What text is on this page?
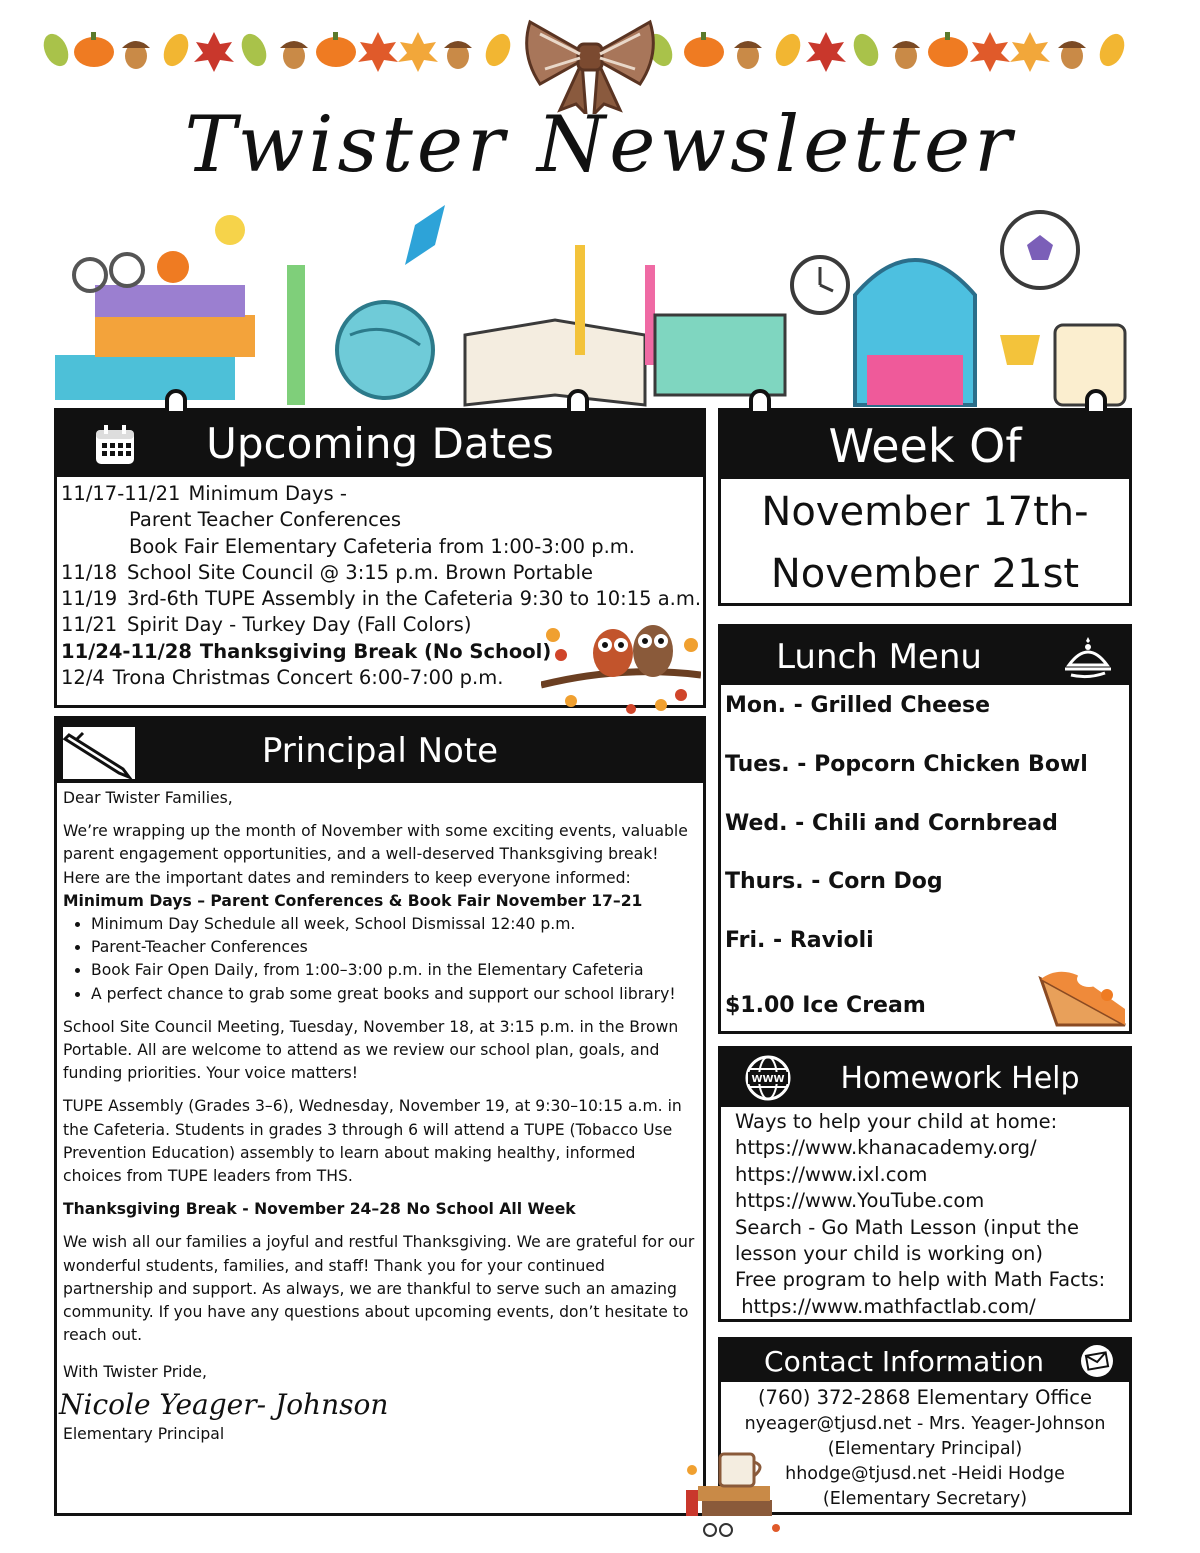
Twister Newsletter
Upcoming Dates
11/17-11/21 Minimum Days -
Parent Teacher Conferences
Book Fair Elementary Cafeteria from 1:00-3:00 p.m.
11/18 School Site Council @ 3:15 p.m. Brown Portable
11/19 3rd-6th TUPE Assembly in the Cafeteria 9:30 to 10:15 a.m.
11/21 Spirit Day - Turkey Day (Fall Colors)
11/24-11/28 Thanksgiving Break (No School)
12/4 Trona Christmas Concert 6:00-7:00 p.m.
Principal Note

Dear Twister Families,

We’re wrapping up the month of November with some exciting events, valuable parent engagement opportunities, and a well-deserved Thanksgiving break! Here are the important dates and reminders to keep everyone informed:

Minimum Days – Parent Conferences & Book Fair November 17–21

• Minimum Day Schedule all week, School Dismissal 12:40 p.m.
• Parent-Teacher Conferences
• Book Fair Open Daily, from 1:00–3:00 p.m. in the Elementary Cafeteria
• A perfect chance to grab some great books and support our school library!

School Site Council Meeting, Tuesday, November 18, at 3:15 p.m. in the Brown Portable. All are welcome to attend as we review our school plan, goals, and funding priorities. Your voice matters!

TUPE Assembly (Grades 3–6), Wednesday, November 19, at 9:30–10:15 a.m. in the Cafeteria. Students in grades 3 through 6 will attend a TUPE (Tobacco Use Prevention Education) assembly to learn about making healthy, informed choices from TUPE leaders from THS.

Thanksgiving Break - November 24–28 No School All Week

We wish all our families a joyful and restful Thanksgiving. We are grateful for our wonderful students, families, and staff! Thank you for your continued partnership and support. As always, we are thankful to serve such an amazing community. If you have any questions about upcoming events, don’t hesitate to reach out.

With Twister Pride,

Nicole Yeager- Johnson

Elementary Principal

Week Of
November 17th-
November 21st
Lunch Menu
Mon. - Grilled Cheese
Tues. - Popcorn Chicken Bowl
Wed. - Chili and Cornbread
Thurs. - Corn Dog
Fri. - Ravioli
$1.00 Ice Cream
WWW Homework Help
Ways to help your child at home:
https://www.khanacademy.org/
https://www.ixl.com
https://www.YouTube.com
Search - Go Math Lesson (input the
lesson your child is working on)
Free program to help with Math Facts:
https://www.mathfactlab.com/
Contact Information
(760) 372-2868 Elementary Office
nyeager@tjusd.net - Mrs. Yeager-Johnson
(Elementary Principal)
hhodge@tjusd.net -Heidi Hodge
(Elementary Secretary)
